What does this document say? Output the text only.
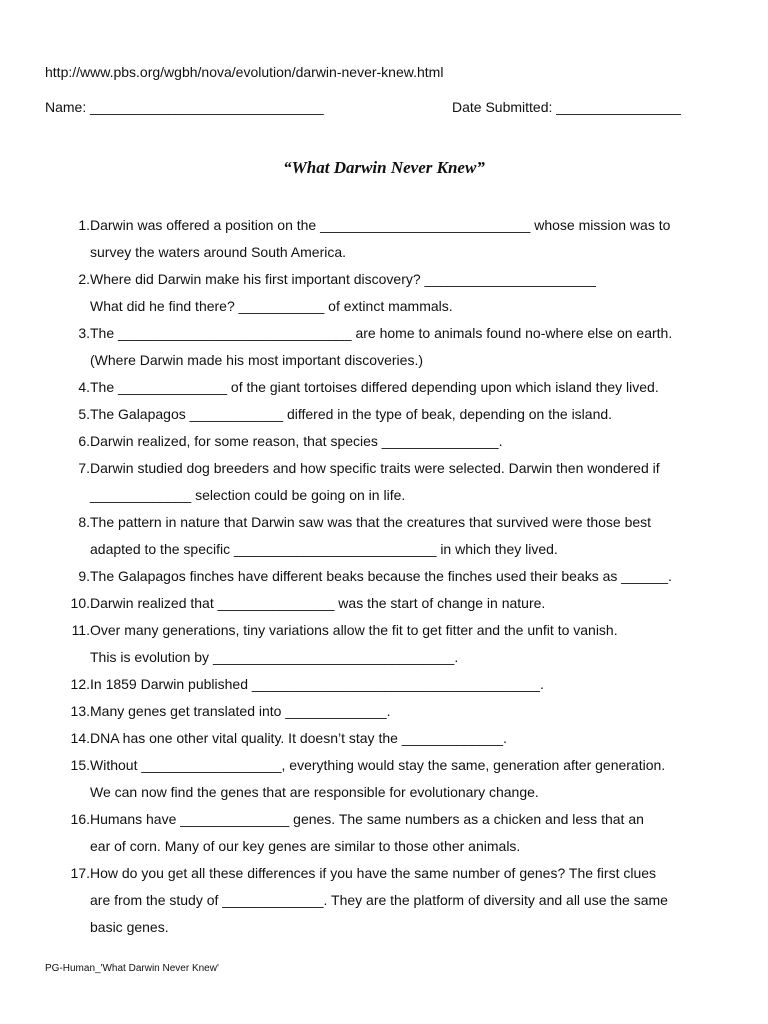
http://www.pbs.org/wgbh/nova/evolution/darwin-never-knew.html
Name: ______________________________	Date Submitted: ________________
“What Darwin Never Knew”
1. Darwin was offered a position on the ___________________________ whose mission was to
survey the waters around South America.
2. Where did Darwin make his first important discovery? ______________________
What did he find there? ___________ of extinct mammals.
3. The ______________________________ are home to animals found no-where else on earth.
(Where Darwin made his most important discoveries.)
4. The ______________ of the giant tortoises differed depending upon which island they lived.
5. The Galapagos ____________ differed in the type of beak, depending on the island.
6. Darwin realized, for some reason, that species _______________.
7. Darwin studied dog breeders and how specific traits were selected. Darwin then wondered if
_____________ selection could be going on in life.
8. The pattern in nature that Darwin saw was that the creatures that survived were those best
adapted to the specific __________________________ in which they lived.
9. The Galapagos finches have different beaks because the finches used their beaks as ______.
10. Darwin realized that _______________ was the start of change in nature.
11. Over many generations, tiny variations allow the fit to get fitter and the unfit to vanish.
This is evolution by _______________________________.
12. In 1859 Darwin published _____________________________________.
13. Many genes get translated into _____________.
14. DNA has one other vital quality. It doesn’t stay the _____________.
15. Without __________________, everything would stay the same, generation after generation.
We can now find the genes that are responsible for evolutionary change.
16. Humans have ______________ genes. The same numbers as a chicken and less that an
ear of corn. Many of our key genes are similar to those other animals.
17. How do you get all these differences if you have the same number of genes? The first clues
are from the study of _____________. They are the platform of diversity and all use the same
basic genes.
PG-Human_'What Darwin Never Knew'
